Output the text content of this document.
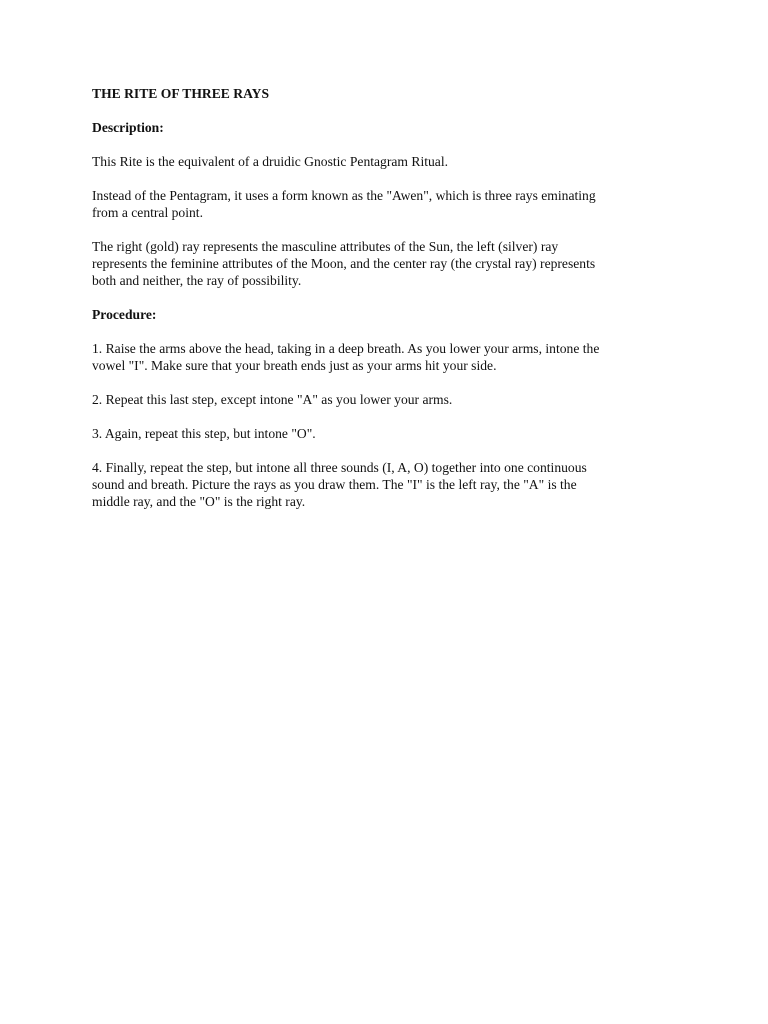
THE RITE OF THREE RAYS
Description:

This Rite is the equivalent of a druidic Gnostic Pentagram Ritual.

Instead of the Pentagram, it uses a form known as the "Awen", which is three rays eminating
from a central point.

The right (gold) ray represents the masculine attributes of the Sun, the left (silver) ray
represents the feminine attributes of the Moon, and the center ray (the crystal ray) represents
both and neither, the ray of possibility.

Procedure:

1. Raise the arms above the head, taking in a deep breath. As you lower your arms, intone the
vowel "I". Make sure that your breath ends just as your arms hit your side.

2. Repeat this last step, except intone "A" as you lower your arms.

3. Again, repeat this step, but intone "O".

4. Finally, repeat the step, but intone all three sounds (I, A, O) together into one continuous
sound and breath. Picture the rays as you draw them. The "I" is the left ray, the "A" is the
middle ray, and the "O" is the right ray.
